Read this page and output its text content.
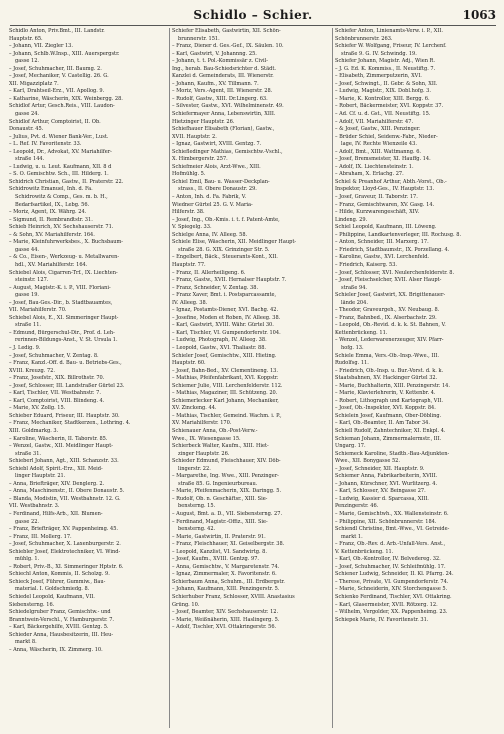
Schidlo – Schier.	1063
Schidlo Anton, Priv.Bmt., III. Landstr.
Hauptstr. 65.
– Johann, VII. Ziegler 13.
– Johann, Schlb.W.Insp., XIII. Auerspergstr.
gasse 12.
– Josef, Schuhmacher, III. Baumg. 2.
– Josef, Mechaniker, V. Castellig. 26. G.
XII. Migazziplatz 7.
– Karl, Drahtseil-Erz., VII. Apollog. 9.
– Katharine, Wäscherin, XIX. Weinbergg. 28.
Schidlof Artur, Gesch.Reis., VIII. Laudon-
gasse 24.
Schidlof Arthur, Comptoirist, II. Ob.
Donaustr. 45.
– Julius, Pvt. d. Wiener Bank-Ver., Lust.
– L. Ref. IV. Favoritenstr. 33.
– Leopold, Dr., Advokat, XV. Mariahilfer-
straße 144.
– Ludwig, u. u. Leut. Kaufmann, XII. 8 d
– S. O. Gemischtw. Sch., III. Hilderg. 1.
Schidrich Christian, Gastw., II. Praterstr. 22.
Schidrowitz Emanuel, Inh. d. Fa.
Schidrowitz & Comp., Ges. m. b. H.,
Bedarfsartikel, IX., Lebg. 56.
– Moriz, Agent, IX. Währg. 24.
– Sigmund, II. Rembrandtstr. 31.
Schieb Heinrich, XV. Sechshauserstr. 71.
– & Sohn, XV. Mariahilferstr. 164.
– Marie, Kleinfuhrwerksbes., X. Buchsbaum-
gasse 44.
– & Co., Eisen-, Werkzeug- u. Metallwaren-
hdl., XV. Mariahilferstr. 164.
Schiebel Alois, Cigarren-Trf., IX. Liechten-
steinstr. 127.
– August, Magistr.-K. i. P., VIII. Floriani-
gasse 19.
– Josef, Bau-Ges.-Dir., b. Stadtbauamtes,
VII. Mariahilferstr. 70.
Schiebel Alois, E., XI. Simmeringer Haupt-
straße 11.
– Edmund, Bürgerschul-Dir., Prof. d. Leh-
rerinnen-Bildungs-Anst., V. St. Ursula 1.
– J. Ledig. 9.
– Josef, Schuhmacher, V. Zentag. 8.
– Franz, Kanzl.-Off. d. Bau- u. Betriebs-Ges.,
XVIII. Kreuzg. 72.
– Franz, Josefstr., XIX. Billrothstr. 70.
– Josef, Schlosser, III. Landstraßer Gürtel 23.
– Karl, Tischler, VII. Westbahnstr. 7.
– Karl, Comptoirist, VIII. Blindeng. 4.
– Marie, XV. Zollg. 15.
Schieber Eduard, Friseur, III. Hauptstr. 30.
– Franz, Mechaniker, Stadtkerzen., Lothring. 4.
XIII. Goldmarkg. 3.
– Karoline, Wäscherin, II. Taborstr. 85.
– Wenzel, Gastw., XII. Meidlinger Haupt-
straße 31.
Schieberl Johann, Agt., XIII. Schanzstr. 33.
Schiebl Adolf, Spirit.-Erz., XII. Meid-
linger Hauptstr. 21.
– Anna, Briefträger, XIV. Denglerg. 2.
– Anna, Maschinenstr., II. Obere Donaustr. 5.
– Blanda, Modistin, VII. Westbahnstr. 12. G.
VII. Westbahnstr. 3.
– Ferdinand, Hilfs-Arb., XII. Blumen-
gasse 22.
– Franz, Briefträger, XV. Pappenheimg. 45.
– Franz, III. Mollerg. 17.
– Josef, Schuhmacher, X. Laxenburgerstr. 2.
Schiebler Josef, Elektrotechniker, VI. Wind-
mühlg. 1.
– Robert, Priv.-B., XI. Simmeringer Hptstr. 6.
Schiechl Anton, Kommis, II. Scholzg. 9.
Schieck Josef, Führer, Gummiw., Bau-
material. I. Goldschmiedg. 8.
Schiedel Leopold, Kaufmann, VII.
Siebensterng. 16.
Schiedelgruber Franz, Gemischtw.- und
Branntwein-Verschl., V. Hamburgerstr. 7.
– Karl, Bäckergehilfe, XVIII. Gentzg. 5.
Schieder Anna, Hausbesitzerin, III. Heu-
markt 8.
– Anna, Wäscherin, IX. Zimmerg. 10.
Schiefer Elisabeth, Gastwirtin, XII. Schön-
brunnerstr. 151.
– Franz, Diener d. Ges.-Gef., IX. Säulen. 10.
– Karl, Gastwirt, V. Johannng. 25.
– Johann, t. t. Pol.-Kommissär z. Civil-
Ing., herab. Bau-Schiedsrichter d. Städt.
Kanzlei d. Gemeinderats, III. Wienerstr.
– Johann, Kaufm., XV. Tillmann. 7.
– Moriz, Vers.-Agent, III. Wienerstr. 28.
– Rudolf, Gastw., XIII. Dr.Lingerg. 63.
– Silvester, Gastw., XVI. Wilhelminenstr. 49.
Schiefermayer Anna, Lebenswirtin, XIII.
Hietzinger Hauptstr. 26.
Schiefhauer Elisabeth (Florian), Gastw.,
XVII. Hauptstr. 2.
– Ignaz, Gastwirt, XVIII. Gentzg. 7.
Schiefledinger Mathias, Gemischtw.-Vschl.,
X. Himbergerstr. 257.
Schiefmeier Alois, Arzt-Wwe., XIII.
Hofmühlg. 5.
Schiel Emil, Bau- u. Wasser-Deckplan-
strass., II. Obere Donaustr. 29.
– Anton, Inh. d. Fa. Fabrik, V.
Wiedner Gürtel 25. G. V. Maria-
Hilferstr. 38.
– Josef, Ing., Ob.-Kmis. i. t. f. Patent-Amte,
V. Spiegelg. 33.
Schielge Anna, IV. Alleeg. 58.
Schiele Elise, Wäscherin, XII. Meidlinger Haupt-
straße 28. G. XIX. Grinzinger Str. 5.
– Engelbert, Bäck., Steuerants-Kont., XII.
Hauptstr. 77.
– Franz, II. Allerheiligeng. 6.
– Franz, Gastw., XVII. Hernalser Hauptstr. 7.
– Franz, Schneider, V. Zentag. 38.
– Franz Xaver, Bmt. i. Postsparcassamte,
IV. Alleeg. 38.
– Ignaz, Postamts-Diener, XVI. Bachg. 42.
– Josefine, Moden et Roben, IV. Alleeg. 38.
– Karl, Gastwirt, XVIII. Währ. Gürtel 30.
– Karl, Tischler, VI. Gumpendorferstr. 104.
– Ludwig, Photograph, IV. Alleeg. 38.
– Leopold, Gastw., XVI. Thaliastr. 88.
Schieler Josef, Gemischtw., XIII. Hieting.
Hauptstr. 60.
– Josef, Bahn-Bed., XV. Clementineng. 13.
– Mathias, Pfeifenfabrikant, XVI. Koppstr.
Schiemer Julie, VIII. Lerchenfelderstr. 112.
– Mathias, Magaziner, III. Schützeng. 20.
Schiemerlecker Karl Johann, Mechaniker,
XV. Zinckeng. 44.
– Mathias, Tischler, Gemeind. Wachm. i. P.,
XV. Mariahilferstr. 170.
Schienauer Anna, Ob.-Post-Verw.-
Wwe., IX. Wiesengasse 15.
Schierbeck Walter, Kaufm., XIII. Hiet-
zinger Hauptstr. 26.
Schieder Edmund, Fleischhauer, XIV. Döb-
lingerstr. 22.
– Margarethe, Ing. Wwe., XIII. Penzinger-
straße 85. G. Ingenieurbureau.
– Marie, Pfeifenmacherin, XIX. Daringg. 5.
– Rudolf, Ob. n. Geschäftsr., XIII. Sie-
bensterng. 15.
– August, Bmt. a. D., VII. Siebensterng. 27.
– Ferdinand, Magistr.-Offiz., XIII. Sie-
bensterng. 42.
– Marie, Gastwirtin, II. Praterstr. 91.
– Franz, Fleischhauer, XI. Geiselbergstr. 38.
– Leopold, Kanzlist, VI. Sandwirtg. 8.
– Josef, Kaufm., XVIII. Gentzg. 97.
– Anna, Gemischtw., V. Margaretenstr. 74.
– Ignaz, Zimmermaler, X. Favoritenstr. 6.
Schierbaum Anna, Schuhm., III. Erdbergstr.
– Johann, Kaufmann, XIII. Penzingerstr. 5.
Schierhuber Franz, Schlosser, XVIII. Anastasius
Grüng. 10.
– Josef, Beamter, XIV. Sechshauserstr. 12.
– Marie, Weißnäherin, XIII. Haslingerg. 5.
– Adolf, Tischler, XVI. Ottakringerstr. 56.
Schiefer Anton, Linienamts-Verw. i. P., XII.
Schönbrunnerstr. 263.
Schiefer W. Wolfgang, Friseur, IV. Lerchenf.
straße 9. G. IV. Schwindg. 19.
Schiefer Johann, Magistr. Adj., Wien R.
– J. G. Ed. K. Kommiss., II. Neustiftg. 7.
– Elisabeth, Zimmerputzerin, XVI.
– Josef, Schwingt., II. Gebr. & Sohn, XII.
– Ludwig, Magistr., XIX. Dobl.hofg. 3.
– Marie, K. Kontrollor, XIII. Bergg. 6.
– Robert, Bäckermeister, XVI. Koppstr. 37.
– Ad. Cf. u. d. Gst., VII. Neustiftg. 15.
– Adolf, VII. Mariahilferstr. 47.
– & Josef, Gastw., XIII. Penzinger.
– Brüder Schiel, Seidenw.-Fabr., Nieder-
lage, IV. Rechte Wienzeile 43.
– Adolf, Bmt., XIII. Wattmanng. 6.
– Josef, Bremsmeister, XI. Hauffg. 14.
– Adolf, IX. Liechtensteinstr. 1.
– Abraham, X. Erlachg. 27.
Schiel & Preanhof Arthur, Abth.-Vorst., Ob.-
Inspektor, Lloyd-Ges., IV. Hauptstr. 13.
– Josef, Graveur, II. Taborstr. 17.
– Franz, Gemischtwaren, XV. Gasg. 14.
– Hilde, Kurzwarengeschäft, XIV.
Lindeng. 29.
Schiel Leopold, Kaufmann, III. Löweng.
– Philippine, Landkartenverleger, III. Rochusg. 8.
– Anton, Schneider, III. Marxerg. 17.
– Friedrich, Stadtbaumstr., IX. Porzellang. 4.
– Karoline, Gastw., XVI. Lerchenfeld.
– Friedrich, Kaiserg. 53.
– Josef, Schlosser, XVI. Neulerchenfelderstr. 8.
– Josef, Fleischselcher, XVII. Alser Haupt-
straße 94.
Schieler Josef, Gastwirt, XX. Brigittenauer-
lände 204.
– Theodor, Graveurgeh., XV. Neubaug. 8.
– Franz, Bahnbed., IX. Alserbachstr. 29.
– Leopold, Ob.-Revid. d. k. k. St. Bahnen, V.
Kettenbrückeng. 11.
– Wenzel, Lederwarenerzeuger, XIV. Pfarr-
hofg. 13.
Schiele Emma, Vers.-Ob.-Insp.-Wwe., III.
Rudolfsg. 11.
– Friedrich, Ob.-Insp. u. Bur.-Vorst. d. k. k.
Staatsbahnen, XV. Hackinger Gürtel 32.
– Marie, Buchhalterin, XIII. Penzingerstr. 14.
– Marie, Klavierlehrerin, V. Kettenbr. 4.
– Robert, Lithograph und Kartograph, VII.
– Josef, Ob.-Inspektor, XVI. Koppstr. 84.
Schielein Josef, Kaufmann, Ober-Döbling.
– Karl, Ob.-Beamter, II. Am Tabor 34.
Schiell Rudolf, Zahntechniker, XI. Enkpl. 4.
Schieman Johann, Zimmermalermstr., III.
Ungarg. 17.
Schiemeck Karoline, Stadtb.-Bau-Adjunkten-
Wwe., XII. Bonygasse 52.
– Josef, Schneider, XII. Hauptstr. 9.
Schiemer Anna, Fabrikarbeiterin, XVIII.
– Johann, Kürschner, XVI. Wurlitzerg. 4.
– Karl, Schlosser, XV. Beingasse 27.
– Ludwig, Kassier d. Sparcassa, XIII.
Penzingerstr. 46.
– Marie, Gemischtwh., XX. Wallensteinstr. 6.
– Philippine, XII. Schönbrunnerstr. 184.
Schiendl Christine, Bmt.-Wwe., VI. Getreide-
markt 1.
– Franz, Ob.-Rev. d. Arb.-Unfall-Vers. Anst.,
V. Kettenbrückeng. 11.
– Karl, Ob.-Kontrollor, IV. Belvedereg. 32.
– Josef, Schuhmacher, IV. Schleifmühlg. 17.
Schiener Ludwig, Schneider, II. Kl. Pfarrg. 24.
– Therese, Private, VI. Gumpendorferstr. 74.
– Marie, Schneiderin, XIV. Storchengasse 5.
Schienko Ferdinand, Tischler, XVI. Ottakring.
– Karl, Glasermeister, XVII. Rötzerg. 12.
– Wilhelm, Vergolder, XX. Pappenheimg. 23.
Schiepek Marie, IV. Favoritenstr. 31.
